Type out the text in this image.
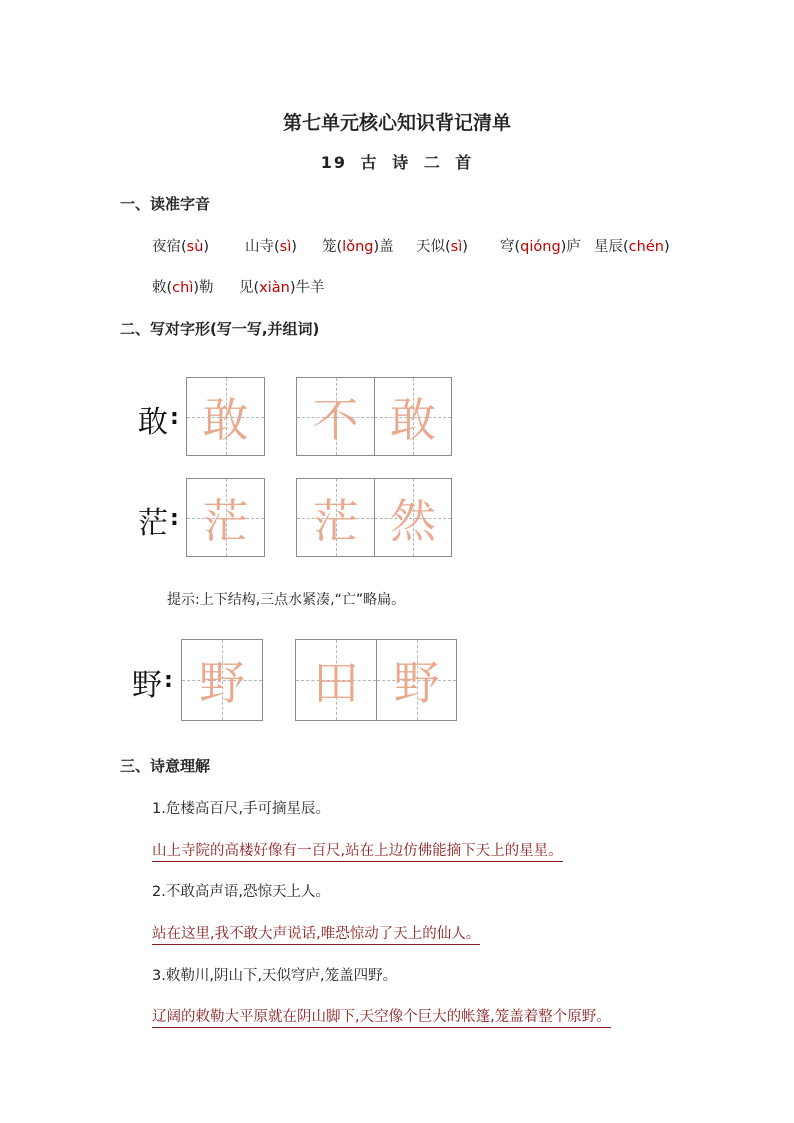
第七单元核心知识背记清单
19 古 诗 二 首
一、读准字音
夜宿(sù) 山寺(sì) 笼(lǒng)盖 天似(sì) 穹(qióng)庐 星辰(chén)
敕(chì)勒 见(xiàn)牛羊
二、写对字形(写一写,并组词)
敢 : 敢	不 敢
茫 : 茫	茫 然
提示:上下结构,三点水紧凑,“亡”略扁。
野 : 野	田 野
三、诗意理解
1.危楼高百尺,手可摘星辰。
山上寺院的高楼好像有一百尺,站在上边仿佛能摘下天上的星星。
2.不敢高声语,恐惊天上人。
站在这里,我不敢大声说话,唯恐惊动了天上的仙人。
3.敕勒川,阴山下,天似穹庐,笼盖四野。
辽阔的敕勒大平原就在阴山脚下,天空像个巨大的帐篷,笼盖着整个原野。
